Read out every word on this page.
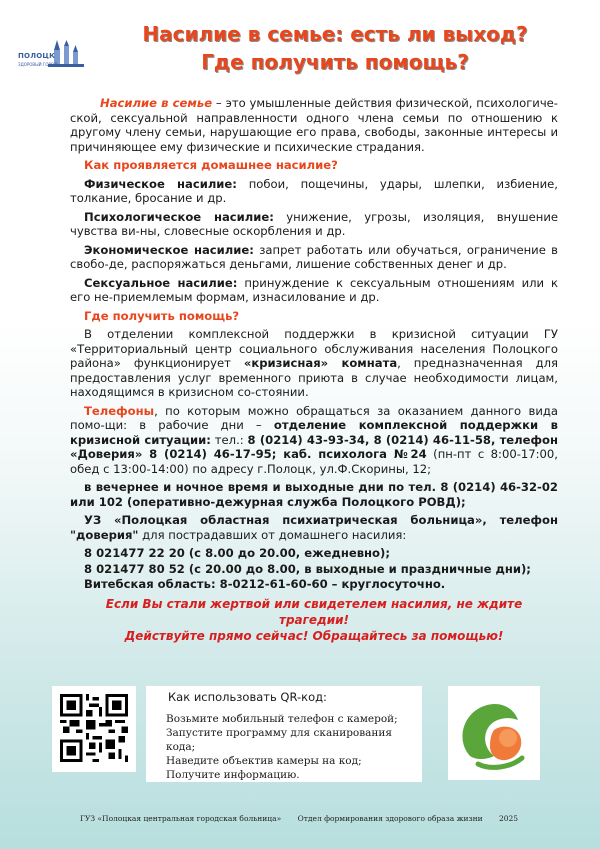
ПОЛОЦК
ЗДОРОВЫЙ ГОРОД
Насилие в семье: есть ли выход?
Где получить помощь?

Насилие в семье – это умышленные действия физической, психологиче-ской, сексуальной направленности одного члена семьи по отношению к другому члену семьи, нарушающие его права, свободы, законные интересы и причиняющее ему физические и психические страдания.

Как проявляется домашнее насилие?

Физическое насилие: побои, пощечины, удары, шлепки, избиение, толкание, бросание и др.

Психологическое насилие: унижение, угрозы, изоляция, внушение чувства ви-ны, словесные оскорбления и др.

Экономическое насилие: запрет работать или обучаться, ограничение в свобо-де, распоряжаться деньгами, лишение собственных денег и др.

Сексуальное насилие: принуждение к сексуальным отношениям или к его не-приемлемым формам, изнасилование и др.

Где получить помощь?

В отделении комплексной поддержки в кризисной ситуации ГУ «Территориальный центр социального обслуживания населения Полоцкого района» функционирует «кризисная» комната, предназначенная для предоставления услуг временного приюта в случае необходимости лицам, находящимся в кризисном со-стоянии.

Телефоны, по которым можно обращаться за оказанием данного вида помо-щи: в рабочие дни – отделение комплексной поддержки в кризисной ситуации: тел.: 8 (0214) 43-93-34, 8 (0214) 46-11-58, телефон «Доверия» 8 (0214) 46-17-95; каб. психолога №24 (пн-пт с 8:00-17:00, обед с 13:00-14:00) по адресу г.Полоцк, ул.Ф.Скорины, 12;

в вечернее и ночное время и выходные дни по тел. 8 (0214) 46-32-02 или 102 (оперативно-дежурная служба Полоцкого РОВД);

УЗ «Полоцкая областная психиатрическая больница», телефон "доверия" для пострадавших от домашнего насилия:

8 021477 22 20 (с 8.00 до 20.00, ежедневно);

8 021477 80 52 (с 20.00 до 8.00, в выходные и праздничные дни);

Витебская область: 8-0212-61-60-60 – круглосуточно.

Если Вы стали жертвой или свидетелем насилия, не ждите трагедии!

Действуйте прямо сейчас! Обращайтесь за помощью!

Как использовать QR-код:
Возьмите мобильный телефон с камерой;
Запустите программу для сканирования кода;
Наведите объектив камеры на код;
Получите информацию.
ГУЗ «Полоцкая центральная городская больница» Отдел формирования здорового образа жизни 2025
